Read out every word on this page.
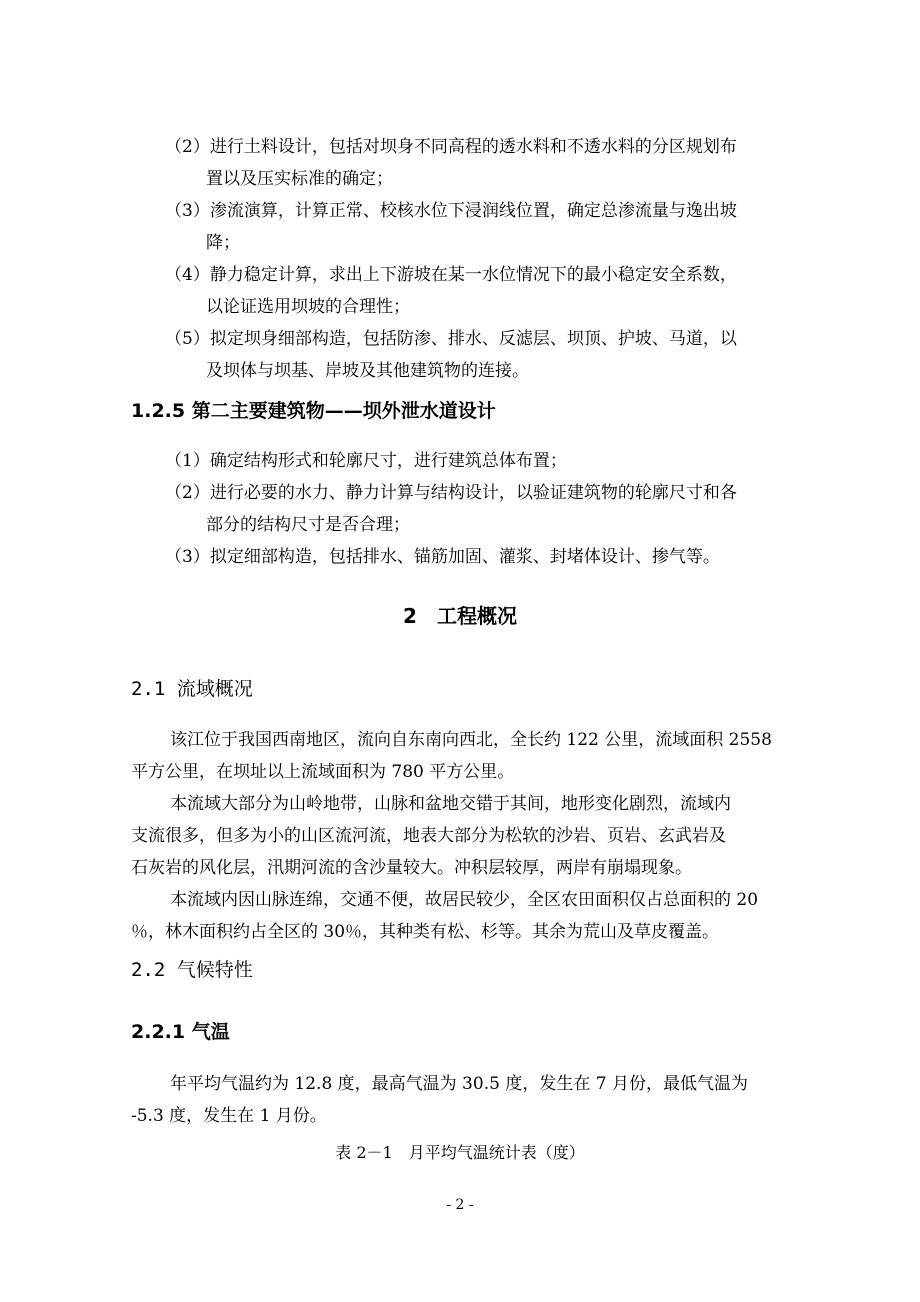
（2）进行土料设计，包括对坝身不同高程的透水料和不透水料的分区规划布
置以及压实标准的确定；
（3）渗流演算，计算正常、校核水位下浸润线位置，确定总渗流量与逸出坡
降；
（4）静力稳定计算，求出上下游坡在某一水位情况下的最小稳定安全系数，
以论证选用坝坡的合理性；
（5）拟定坝身细部构造，包括防渗、排水、反滤层、坝顶、护坡、马道，以
及坝体与坝基、岸坡及其他建筑物的连接。
1.2.5 第二主要建筑物——坝外泄水道设计
（1）确定结构形式和轮廓尺寸，进行建筑总体布置；
（2）进行必要的水力、静力计算与结构设计，以验证建筑物的轮廓尺寸和各
部分的结构尺寸是否合理；
（3）拟定细部构造，包括排水、锚筋加固、灌浆、封堵体设计、掺气等。
2　工程概况
2.1 流域概况
该江位于我国西南地区，流向自东南向西北，全长约 122 公里，流域面积 2558
平方公里，在坝址以上流域面积为 780 平方公里。
本流域大部分为山岭地带，山脉和盆地交错于其间，地形变化剧烈，流域内
支流很多，但多为小的山区流河流，地表大部分为松软的沙岩、页岩、玄武岩及
石灰岩的风化层，汛期河流的含沙量较大。冲积层较厚，两岸有崩塌现象。
本流域内因山脉连绵，交通不便，故居民较少，全区农田面积仅占总面积的 20
％，林木面积约占全区的 30％，其种类有松、杉等。其余为荒山及草皮覆盖。
2.2 气候特性
2.2.1 气温
年平均气温约为 12.8 度，最高气温为 30.5 度，发生在 7 月份，最低气温为
-5.3 度，发生在 1 月份。
表 2－1　月平均气温统计表（度）
- 2 -
